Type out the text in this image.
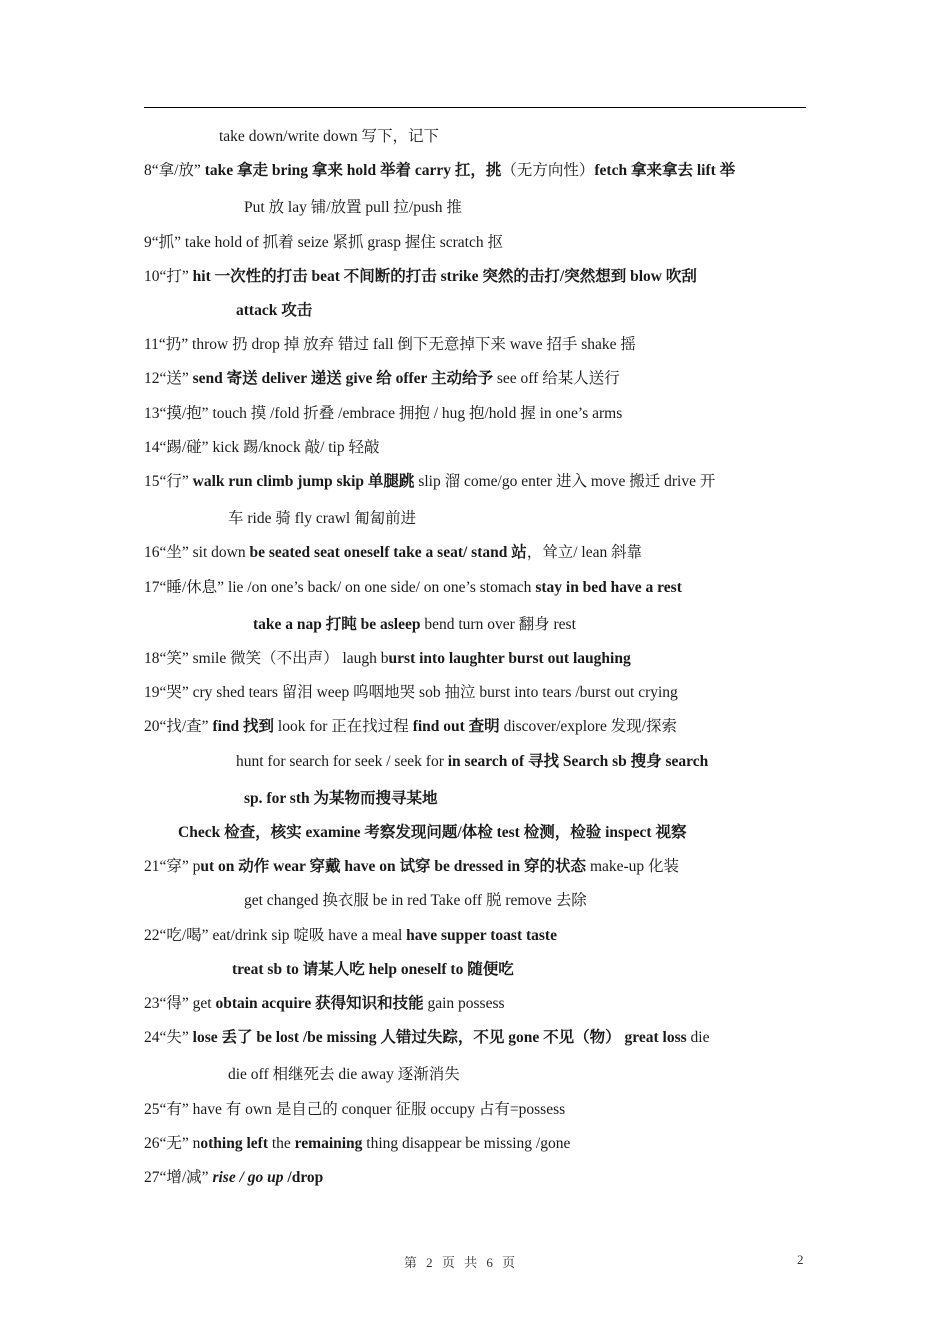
take down/write down 写下，记下
8“拿/放” take 拿走 bring 拿来 hold 举着 carry 扛，挑（无方向性）fetch 拿来拿去 lift 举
Put 放 lay 铺/放置 pull 拉/push 推
9“抓” take hold of 抓着 seize 紧抓 grasp 握住 scratch 抠
10“打” hit 一次性的打击 beat 不间断的打击 strike 突然的击打/突然想到 blow 吹刮
attack 攻击
11“扔” throw 扔 drop 掉 放弃 错过 fall 倒下无意掉下来 wave 招手 shake 摇
12“送” send 寄送 deliver 递送 give 给 offer 主动给予 see off 给某人送行
13“摸/抱” touch 摸 /fold 折叠 /embrace 拥抱 / hug 抱/hold 握 in one’s arms
14“踢/碰” kick 踢/knock 敲/ tip 轻敲
15“行” walk run climb jump skip 单腿跳 slip 溜 come/go enter 进入 move 搬迁 drive 开
车 ride 骑 fly crawl 匍匐前进
16“坐” sit down be seated seat oneself take a seat/ stand 站，耸立/ lean 斜靠
17“睡/休息” lie /on one’s back/ on one side/ on one’s stomach stay in bed have a rest
take a nap 打盹 be asleep bend turn over 翻身 rest
18“笑” smile 微笑（不出声） laugh burst into laughter burst out laughing
19“哭” cry shed tears 留泪 weep 呜咽地哭 sob 抽泣 burst into tears /burst out crying
20“找/查” find 找到 look for 正在找过程 find out 查明 discover/explore 发现/探索
hunt for search for seek / seek for in search of 寻找 Search sb 搜身 search
sp. for sth 为某物而搜寻某地
Check 检查，核实 examine 考察发现问题/体检 test 检测，检验 inspect 视察
21“穿” put on 动作 wear 穿戴 have on 试穿 be dressed in 穿的状态 make-up 化装
get changed 换衣服 be in red Take off 脱 remove 去除
22“吃/喝” eat/drink sip 啶吸 have a meal have supper toast taste
treat sb to 请某人吃 help oneself to 随便吃
23“得” get obtain acquire 获得知识和技能 gain possess
24“失” lose 丢了 be lost /be missing 人错过失踪，不见 gone 不见（物） great loss die
die off 相继死去 die away 逐渐消失
25“有” have 有 own 是自己的 conquer 征服 occupy 占有=possess
26“无” nothing left the remaining thing disappear be missing /gone
27“增/减” rise / go up /drop
第 2 页 共 6 页	2
